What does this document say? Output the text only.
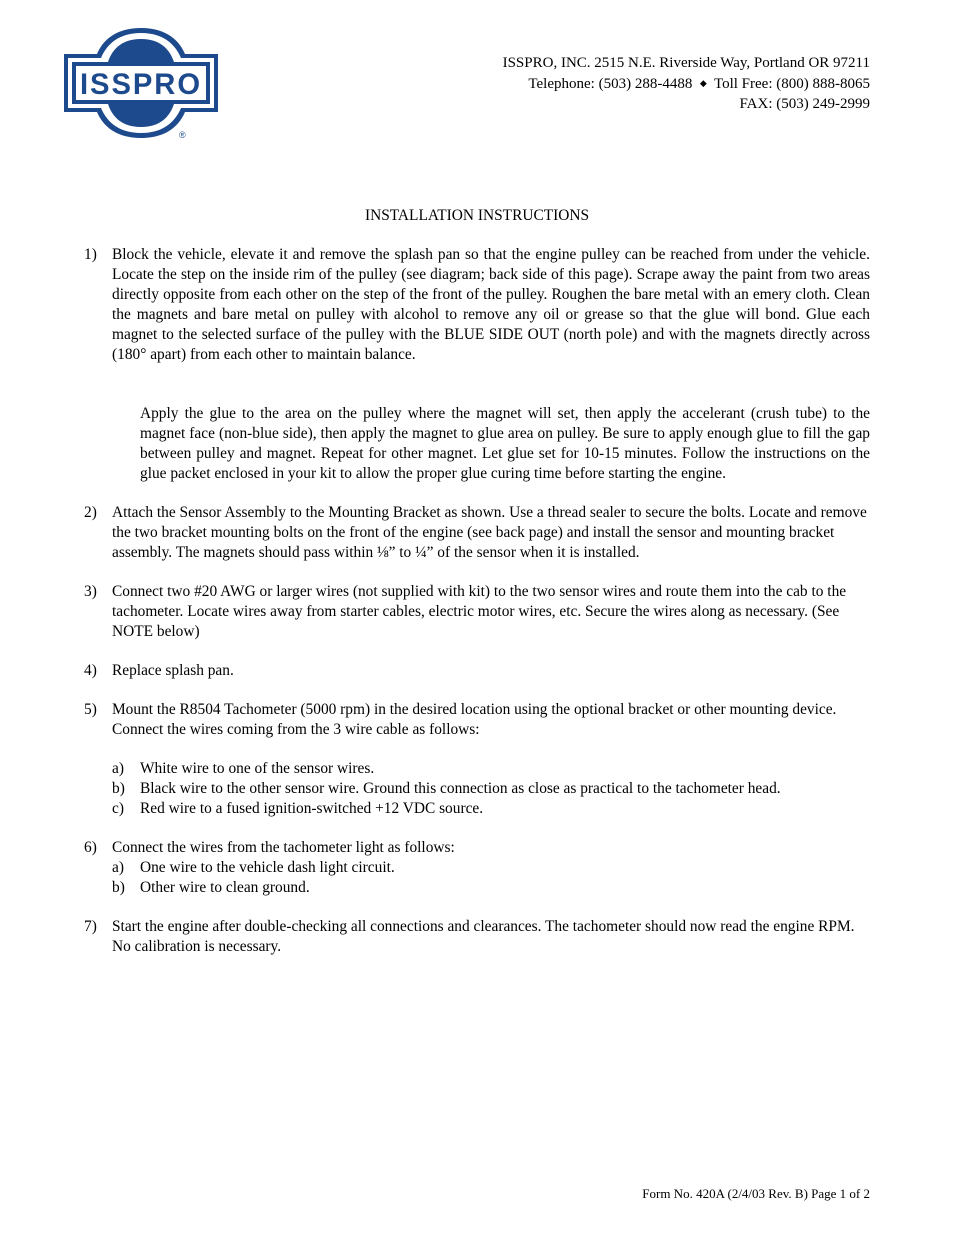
ISSPRO
®
ISSPRO, INC. 2515 N.E. Riverside Way, Portland OR 97211
Telephone: (503) 288-4488 ◆ Toll Free: (800) 888-8065
FAX: (503) 249-2999
INSTALLATION INSTRUCTIONS
1) Block the vehicle, elevate it and remove the splash pan so that the engine pulley can be reached from under the vehicle. Locate the step on the inside rim of the pulley (see diagram; back side of this page). Scrape away the paint from two areas directly opposite from each other on the step of the front of the pulley. Roughen the bare metal with an emery cloth. Clean the magnets and bare metal on pulley with alcohol to remove any oil or grease so that the glue will bond. Glue each magnet to the selected surface of the pulley with the BLUE SIDE OUT (north pole) and with the magnets directly across (180° apart) from each other to maintain balance.
Apply the glue to the area on the pulley where the magnet will set, then apply the accelerant (crush tube) to the magnet face (non-blue side), then apply the magnet to glue area on pulley. Be sure to apply enough glue to fill the gap between pulley and magnet. Repeat for other magnet. Let glue set for 10-15 minutes. Follow the instructions on the glue packet enclosed in your kit to allow the proper glue curing time before starting the engine.
2) Attach the Sensor Assembly to the Mounting Bracket as shown. Use a thread sealer to secure the bolts. Locate and remove the two bracket mounting bolts on the front of the engine (see back page) and install the sensor and mounting bracket assembly. The magnets should pass within ⅛” to ¼” of the sensor when it is installed.
3) Connect two #20 AWG or larger wires (not supplied with kit) to the two sensor wires and route them into the cab to the tachometer. Locate wires away from starter cables, electric motor wires, etc. Secure the wires along as necessary. (See NOTE below)
4) Replace splash pan.
5) Mount the R8504 Tachometer (5000 rpm) in the desired location using the optional bracket or other mounting device. Connect the wires coming from the 3 wire cable as follows:
a)	White wire to one of the sensor wires.
b) Black wire to the other sensor wire. Ground this connection as close as practical to the tachometer head.
c)	Red wire to a fused ignition-switched +12 VDC source.
6) Connect the wires from the tachometer light as follows:
a)	One wire to the vehicle dash light circuit.
b) Other wire to clean ground.
7) Start the engine after double-checking all connections and clearances. The tachometer should now read the engine RPM. No calibration is necessary.
Form No. 420A (2/4/03 Rev. B) Page 1 of 2
